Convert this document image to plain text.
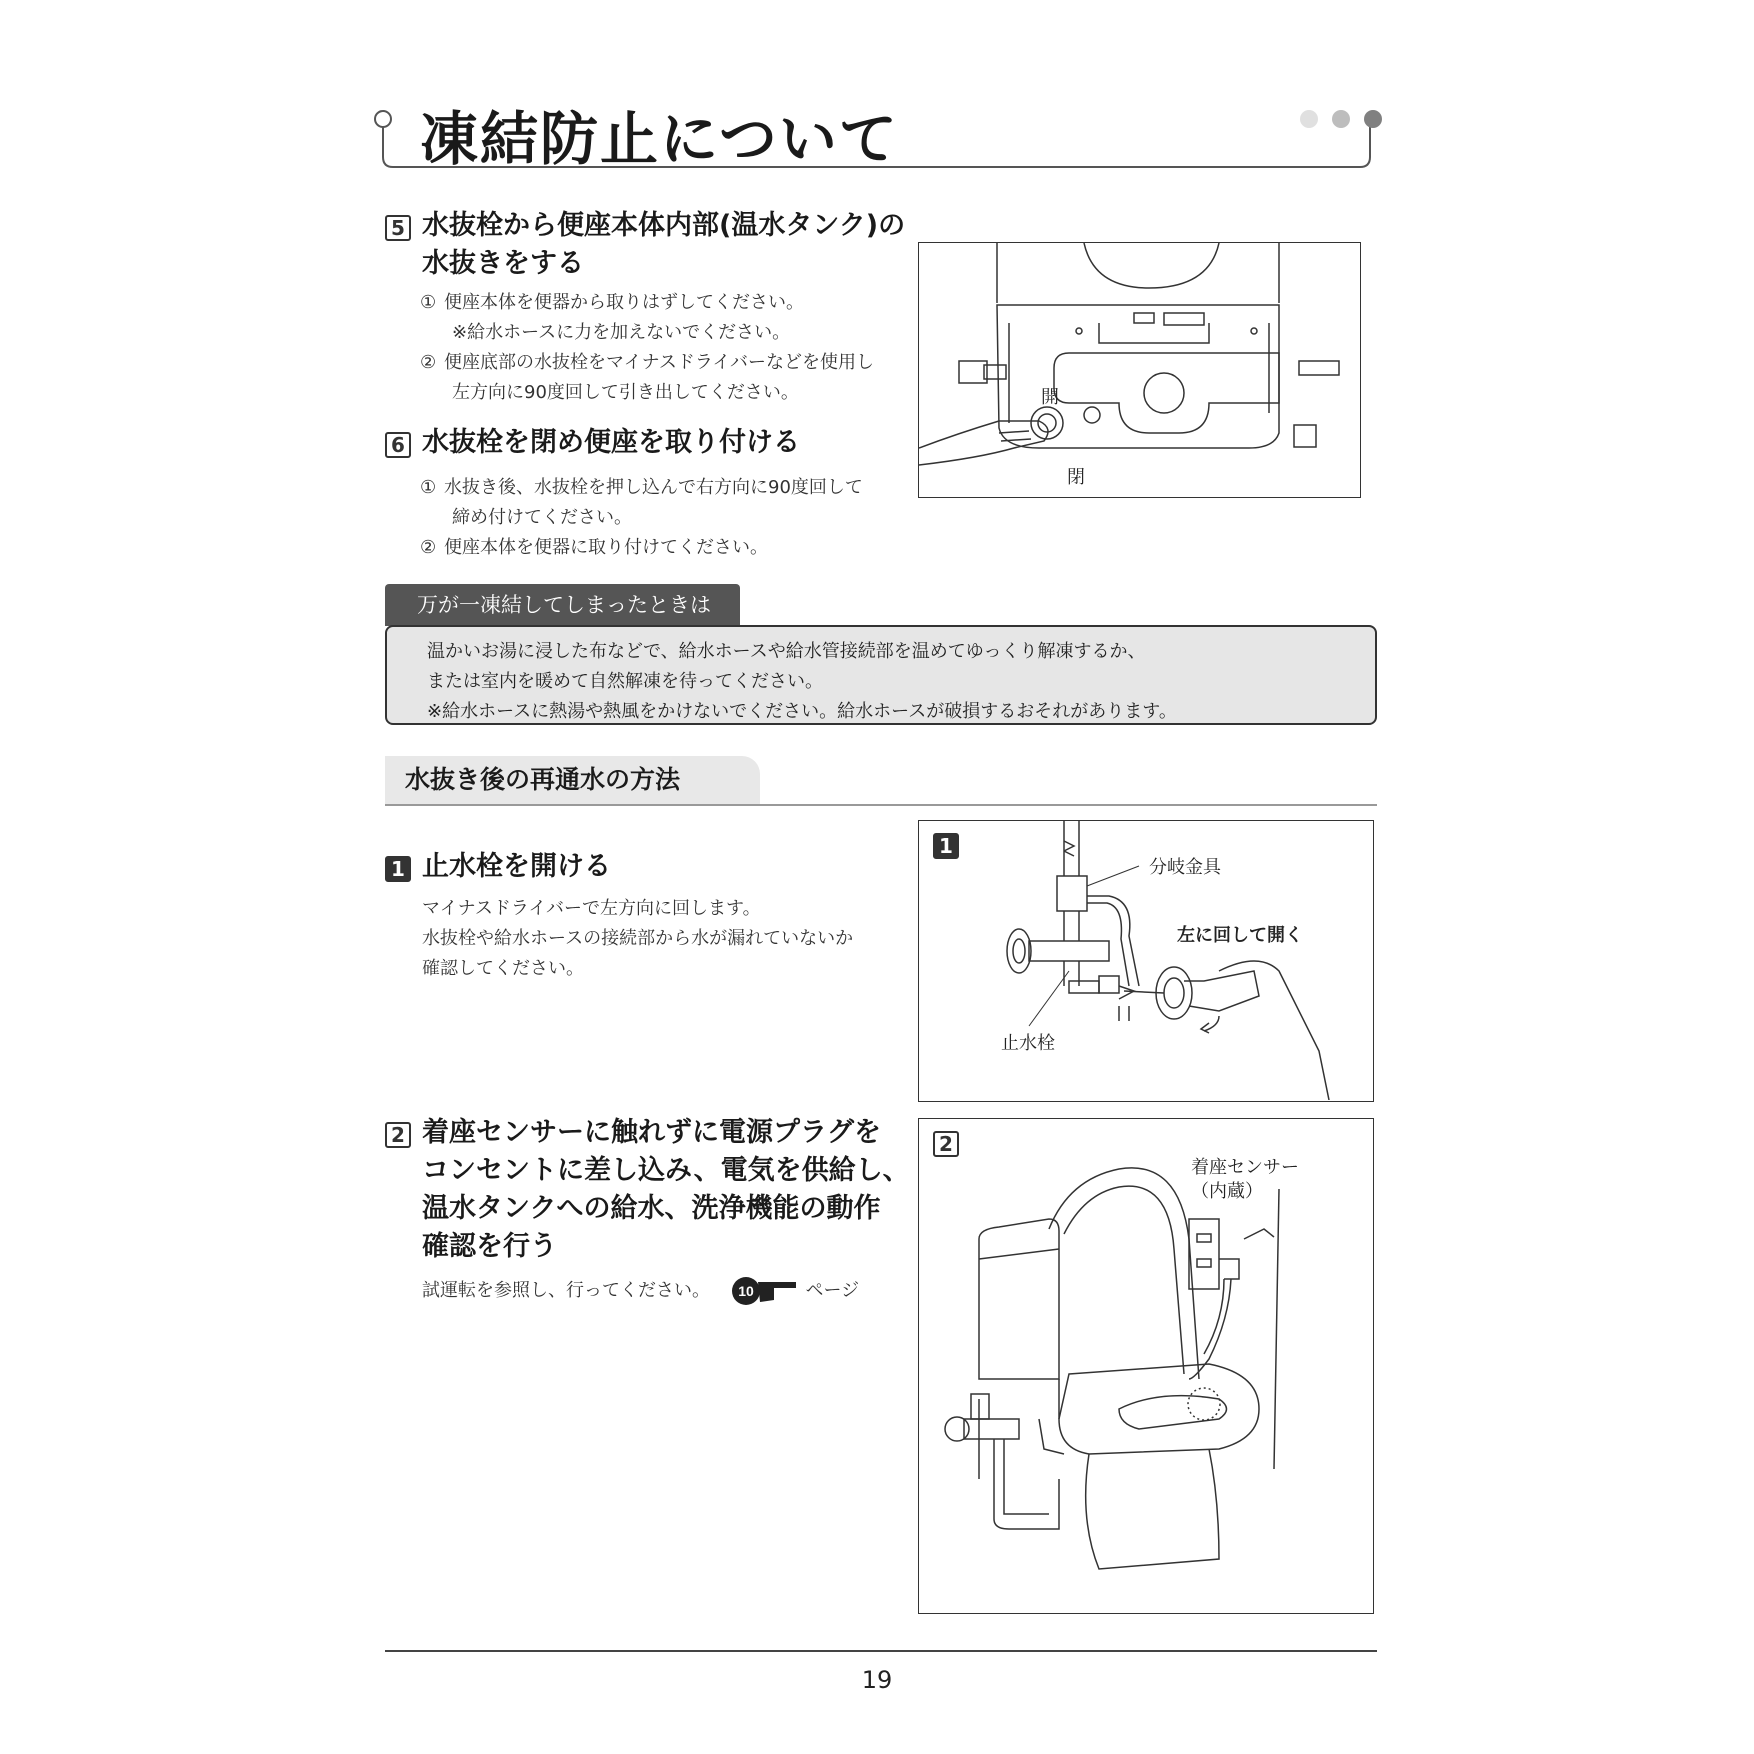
凍結防止について
5 水抜栓から便座本体内部(温水タンク)の
水抜きをする
① 便座本体を便器から取りはずしてください。
※給水ホースに力を加えないでください。
② 便座底部の水抜栓をマイナスドライバーなどを使用し
左方向に90度回して引き出してください。
6 水抜栓を閉め便座を取り付ける
① 水抜き後、水抜栓を押し込んで右方向に90度回して
締め付けてください。
② 便座本体を便器に取り付けてください。
開
閉
万が一凍結してしまったときは
温かいお湯に浸した布などで、給水ホースや給水管接続部を温めてゆっくり解凍するか、
または室内を暖めて自然解凍を待ってください。
※給水ホースに熱湯や熱風をかけないでください。給水ホースが破損するおそれがあります。
水抜き後の再通水の方法
1 止水栓を開ける
マイナスドライバーで左方向に回します。
水抜栓や給水ホースの接続部から水が漏れていないか
確認してください。
1
分岐金具
左に回して開く
止水栓
2 着座センサーに触れずに電源プラグを
コンセントに差し込み、電気を供給し、
温水タンクへの給水、洗浄機能の動作
確認を行う
試運転を参照し、行ってください。 10	ページ
2
着座センサー
（内蔵）
19
